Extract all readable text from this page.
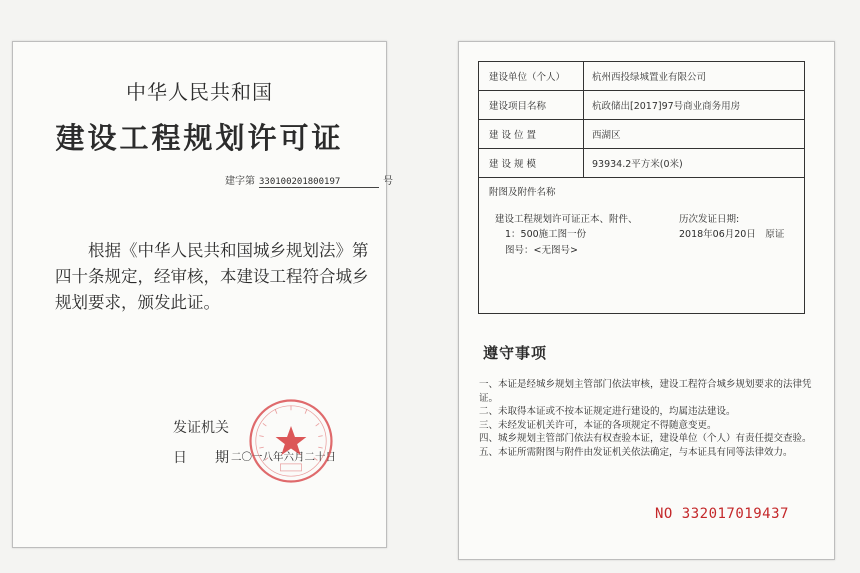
中华人民共和国
建设工程规划许可证
建字第 330100201800197	号
根据《中华人民共和国城乡规划法》第四十条规定，经审核，本建设工程符合城乡规划要求，颁发此证。
发证机关
日　　期 二〇一八年六月二十日
建设单位（个人）	杭州西投绿城置业有限公司
建设项目名称	杭政储出[2017]97号商业商务用房
建 设 位 置	西湖区
建 设 规 模	93934.2平方米(0米)
附图及附件名称
建设工程规划许可证正本、附件、
1：500施工图一份
图号：<无图号>
历次发证日期:
2018年06月20日　原证
遵守事项
一、本证是经城乡规划主管部门依法审核，建设工程符合城乡规划要求的法律凭证。
二、未取得本证或不按本证规定进行建设的，均属违法建设。
三、未经发证机关许可，本证的各项规定不得随意变更。
四、城乡规划主管部门依法有权查验本证，建设单位（个人）有责任提交查验。
五、本证所需附图与附件由发证机关依法确定，与本证具有同等法律效力。
NO 332017019437
